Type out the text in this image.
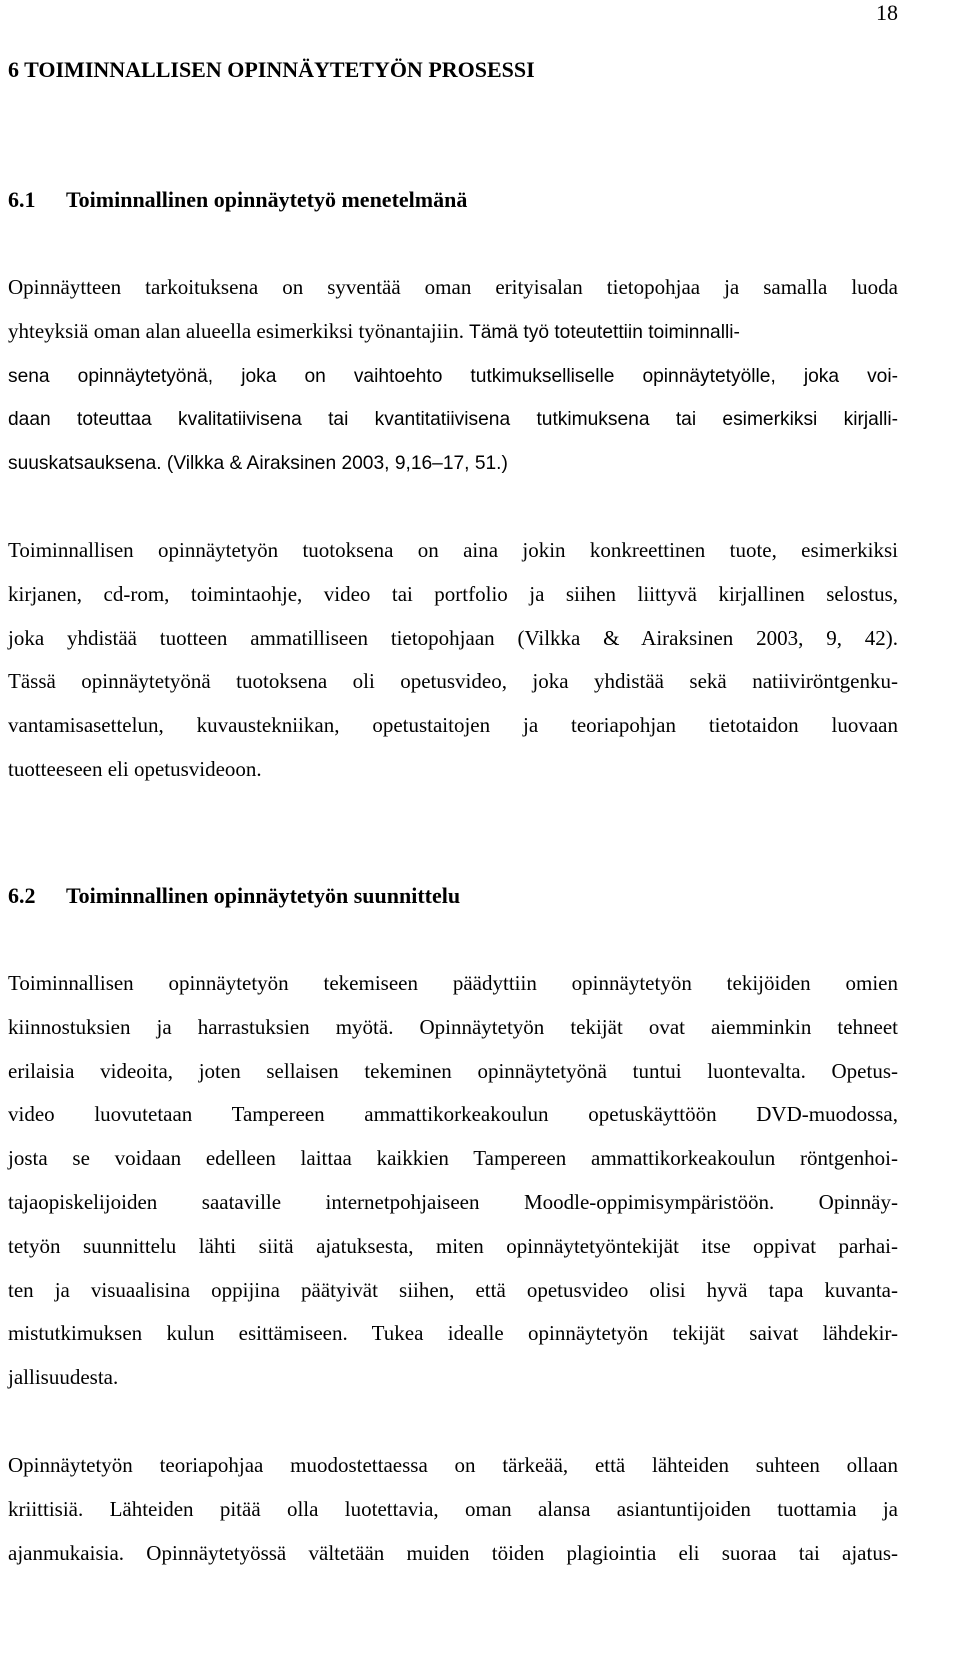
18
6 TOIMINNALLISEN OPINNÄYTETYÖN PROSESSI
6.1 Toiminnallinen opinnäytetyö menetelmänä
Opinnäytteen tarkoituksena on syventää oman erityisalan tietopohjaa ja samalla luoda
yhteyksiä oman alan alueella esimerkiksi työnantajiin. Tämä työ toteutettiin toiminnalli-
sena opinnäytetyönä, joka on vaihtoehto tutkimukselliselle opinnäytetyölle, joka voi-
daan toteuttaa kvalitatiivisena tai kvantitatiivisena tutkimuksena tai esimerkiksi kirjalli-
suuskatsauksena. (Vilkka & Airaksinen 2003, 9,16–17, 51.)
Toiminnallisen opinnäytetyön tuotoksena on aina jokin konkreettinen tuote, esimerkiksi
kirjanen, cd-rom, toimintaohje, video tai portfolio ja siihen liittyvä kirjallinen selostus,
joka yhdistää tuotteen ammatilliseen tietopohjaan (Vilkka & Airaksinen 2003, 9, 42).
Tässä opinnäytetyönä tuotoksena oli opetusvideo, joka yhdistää sekä natiiviröntgenku-
vantamisasettelun, kuvaustekniikan, opetustaitojen ja teoriapohjan tietotaidon luovaan
tuotteeseen eli opetusvideoon.
6.2 Toiminnallinen opinnäytetyön suunnittelu
Toiminnallisen opinnäytetyön tekemiseen päädyttiin opinnäytetyön tekijöiden omien
kiinnostuksien ja harrastuksien myötä. Opinnäytetyön tekijät ovat aiemminkin tehneet
erilaisia videoita, joten sellaisen tekeminen opinnäytetyönä tuntui luontevalta. Opetus-
video luovutetaan Tampereen ammattikorkeakoulun opetuskäyttöön DVD-muodossa,
josta se voidaan edelleen laittaa kaikkien Tampereen ammattikorkeakoulun röntgenhoi-
tajaopiskelijoiden saataville internetpohjaiseen Moodle-oppimisympäristöön. Opinnäy-
tetyön suunnittelu lähti siitä ajatuksesta, miten opinnäytetyöntekijät itse oppivat parhai-
ten ja visuaalisina oppijina päätyivät siihen, että opetusvideo olisi hyvä tapa kuvanta-
mistutkimuksen kulun esittämiseen. Tukea idealle opinnäytetyön tekijät saivat lähdekir-
jallisuudesta.
Opinnäytetyön teoriapohjaa muodostettaessa on tärkeää, että lähteiden suhteen ollaan
kriittisiä. Lähteiden pitää olla luotettavia, oman alansa asiantuntijoiden tuottamia ja
ajanmukaisia. Opinnäytetyössä vältetään muiden töiden plagiointia eli suoraa tai ajatus-
